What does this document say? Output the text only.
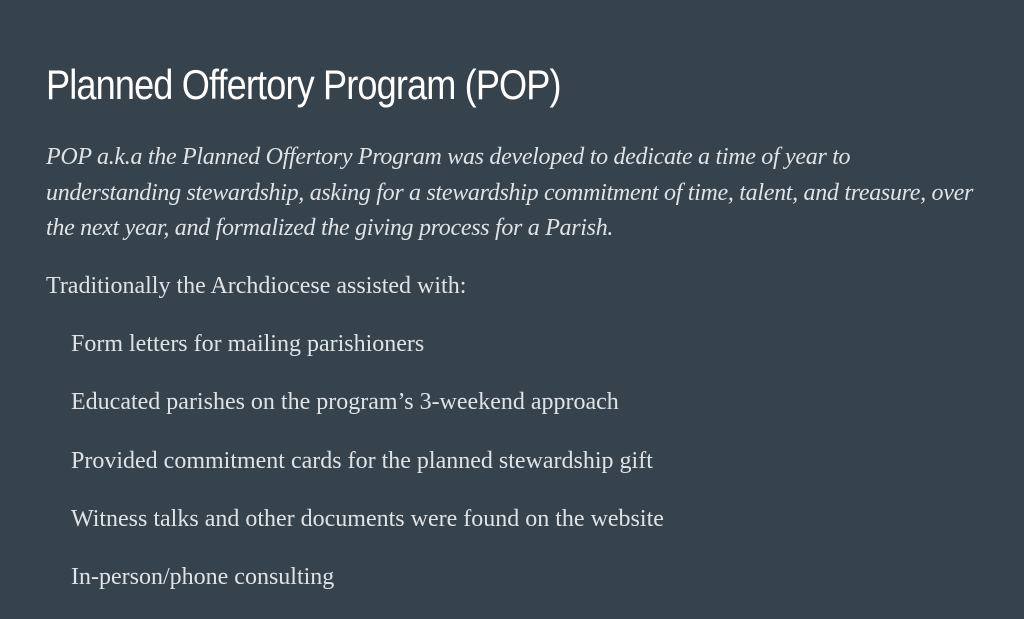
Planned Offertory Program (POP)

POP a.k.a the Planned Offertory Program was developed to dedicate a time of year to understanding stewardship, asking for a stewardship commitment of time, talent, and treasure, over the next year, and formalized the giving process for a Parish.

Traditionally the Archdiocese assisted with:

Form letters for mailing parishioners
Educated parishes on the program’s 3-weekend approach
Provided commitment cards for the planned stewardship gift
Witness talks and other documents were found on the website
In-person/phone consulting
